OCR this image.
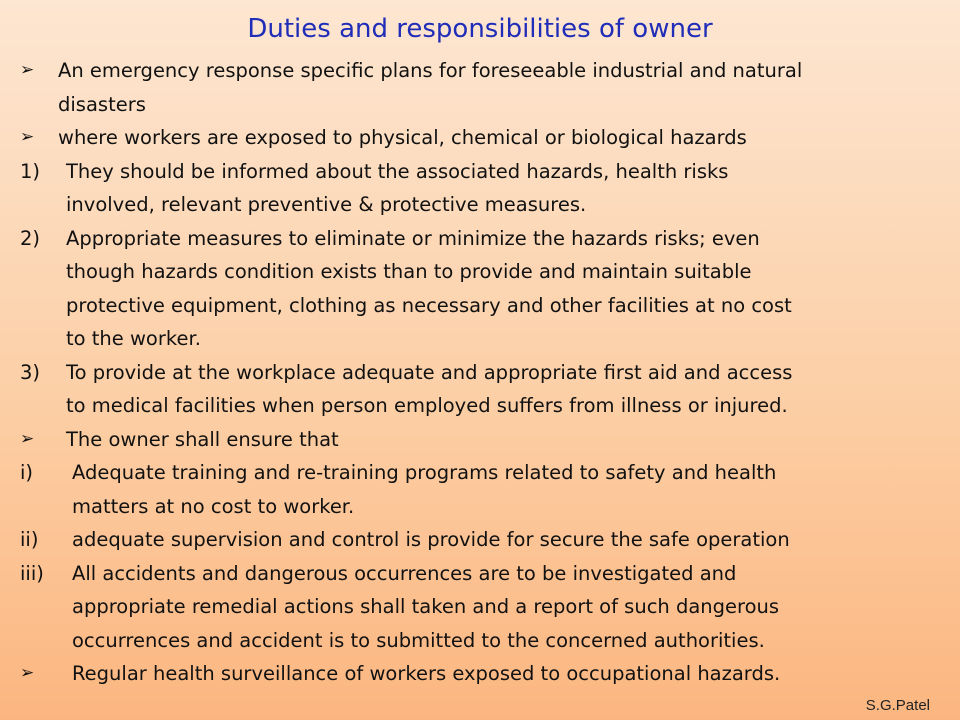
Duties and responsibilities of owner
➢	An emergency response specific plans for foreseeable industrial and natural
disasters
➢	where workers are exposed to physical, chemical or biological hazards
1)	They should be informed about the associated hazards, health risks
involved, relevant preventive & protective measures.
2)	Appropriate measures to eliminate or minimize the hazards risks; even
though hazards condition exists than to provide and maintain suitable
protective equipment, clothing as necessary and other facilities at no cost
to the worker.
3)	To provide at the workplace adequate and appropriate first aid and access
to medical facilities when person employed suffers from illness or injured.
➢	The owner shall ensure that
i)	Adequate training and re-training programs related to safety and health
matters at no cost to worker.
ii)	adequate supervision and control is provide for secure the safe operation
iii)	All accidents and dangerous occurrences are to be investigated and
appropriate remedial actions shall taken and a report of such dangerous
occurrences and accident is to submitted to the concerned authorities.
➢	Regular health surveillance of workers exposed to occupational hazards.
S.G.Patel
